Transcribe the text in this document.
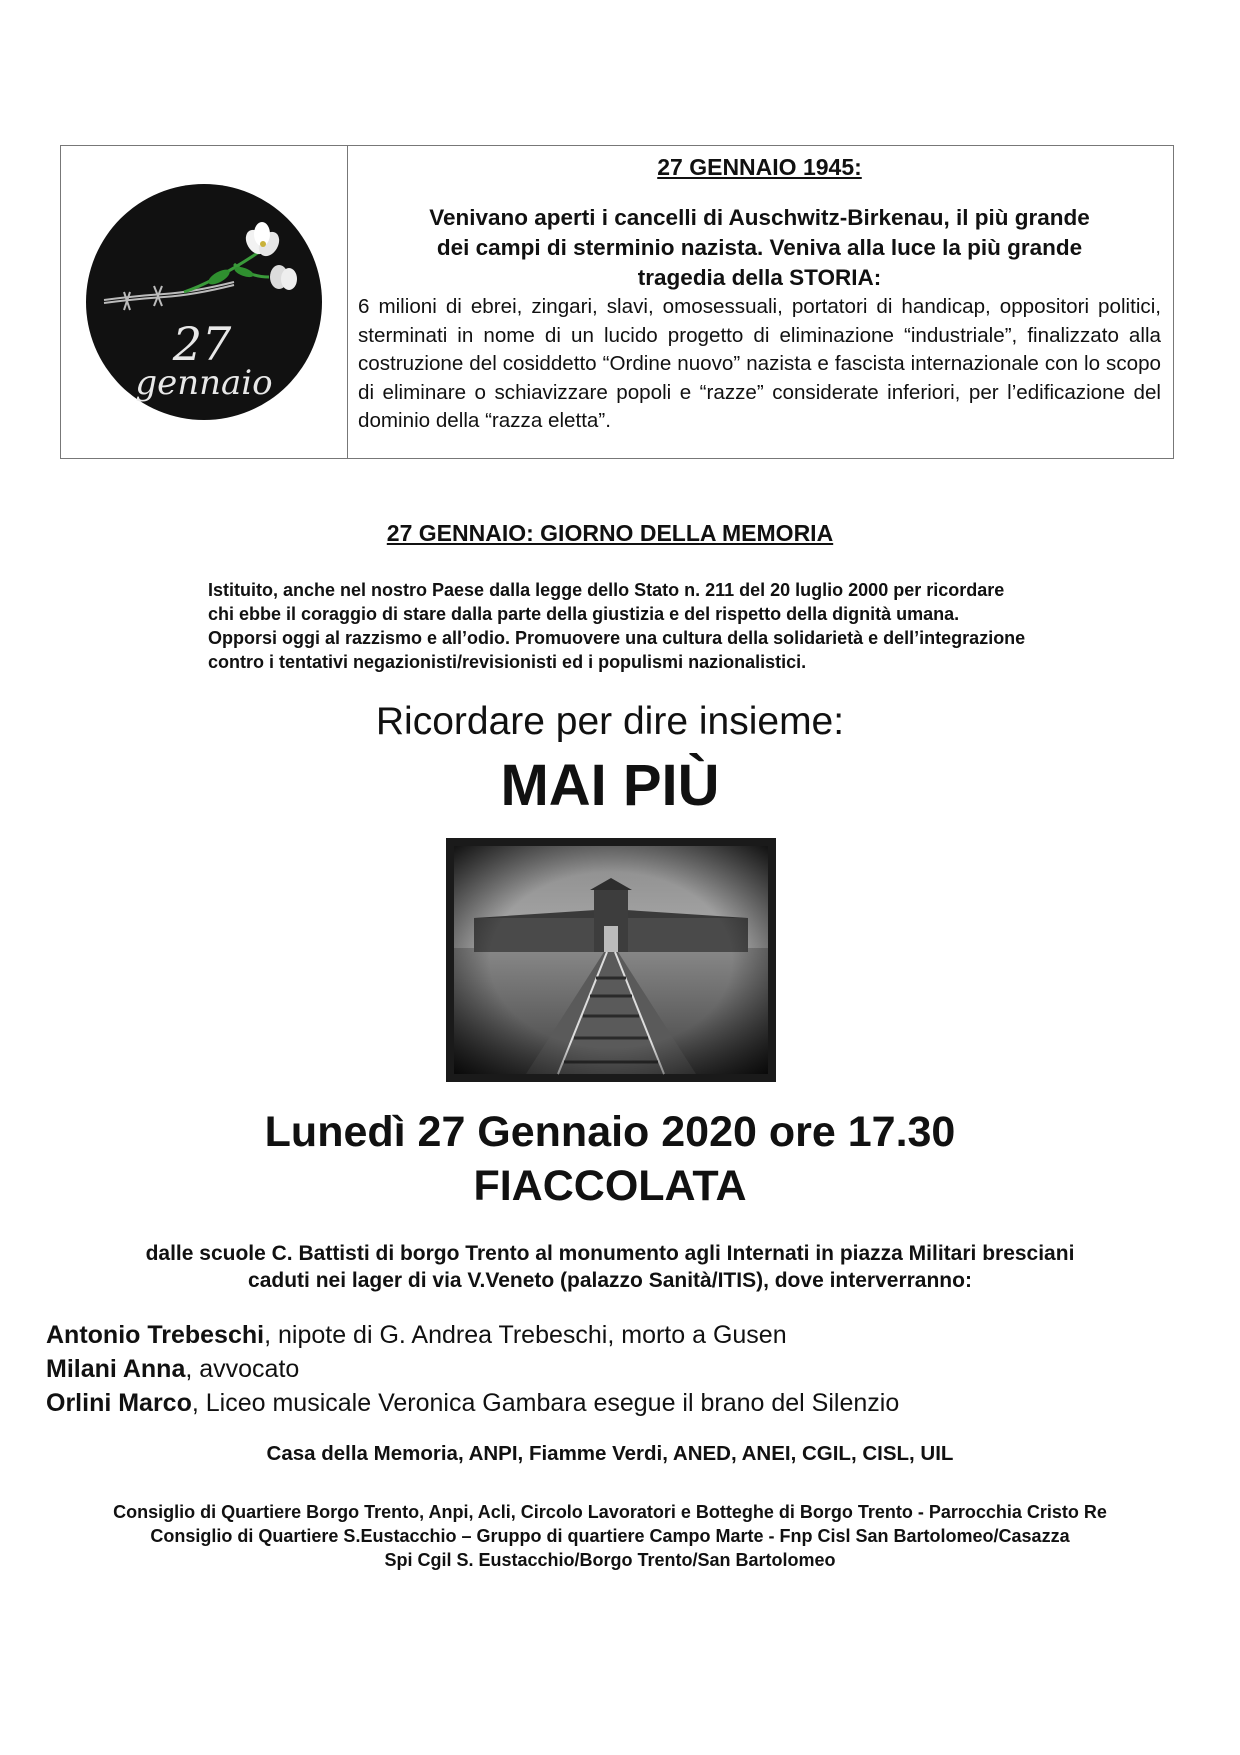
27
gennaio
27 GENNAIO 1945:
Venivano aperti i cancelli di Auschwitz-Birkenau, il più grande
dei campi di sterminio nazista. Veniva alla luce la più grande
tragedia della STORIA:

6 milioni di ebrei, zingari, slavi, omosessuali, portatori di handicap, oppositori politici, sterminati in nome di un lucido progetto di eliminazione “industriale”, finalizzato alla costruzione del cosiddetto “Ordine nuovo” nazista e fascista internazionale con lo scopo di eliminare o schiavizzare popoli e “razze” considerate inferiori, per l’edificazione del dominio della “razza eletta”.

27 GENNAIO: GIORNO DELLA MEMORIA
Istituito, anche nel nostro Paese dalla legge dello Stato n. 211 del 20 luglio 2000 per ricordare
chi ebbe il coraggio di stare dalla parte della giustizia e del rispetto della dignità umana.
Opporsi oggi al razzismo e all’odio. Promuovere una cultura della solidarietà e dell’integrazione
contro i tentativi negazionisti/revisionisti ed i populismi nazionalistici.
Ricordare per dire insieme:
MAI PIÙ
Lunedì 27 Gennaio 2020 ore 17.30
FIACCOLATA
dalle scuole C. Battisti di borgo Trento al monumento agli Internati in piazza Militari bresciani
caduti nei lager di via V.Veneto (palazzo Sanità/ITIS), dove interverranno:
Antonio Trebeschi, nipote di G. Andrea Trebeschi, morto a Gusen
Milani Anna, avvocato
Orlini Marco, Liceo musicale Veronica Gambara esegue il brano del Silenzio
Casa della Memoria, ANPI, Fiamme Verdi, ANED, ANEI, CGIL, CISL, UIL
Consiglio di Quartiere Borgo Trento, Anpi, Acli, Circolo Lavoratori e Botteghe di Borgo Trento - Parrocchia Cristo Re
Consiglio di Quartiere S.Eustacchio – Gruppo di quartiere Campo Marte - Fnp Cisl San Bartolomeo/Casazza
Spi Cgil S. Eustacchio/Borgo Trento/San Bartolomeo
